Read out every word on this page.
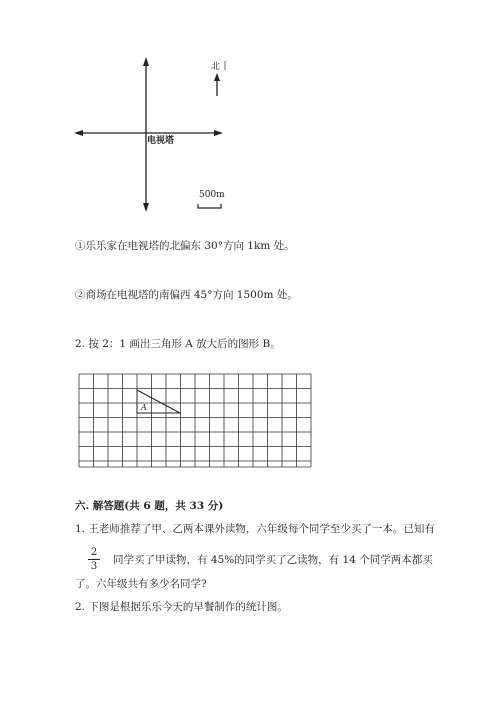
北
电视塔
500m
①乐乐家在电视塔的北偏东 30°方向 1km 处。
②商场在电视塔的南偏西 45°方向 1500m 处。
2. 按 2：1 画出三角形 A 放大后的图形 B。
A
六. 解答题(共 6 题，共 33 分)
1. 王老师推荐了甲、乙两本课外读物，六年级每个同学至少买了一本。已知有
2
3
同学买了甲读物，有 45%的同学买了乙读物，有 14 个同学两本都买
了。六年级共有多少名同学?
2. 下图是根据乐乐今天的早餐制作的统计图。
